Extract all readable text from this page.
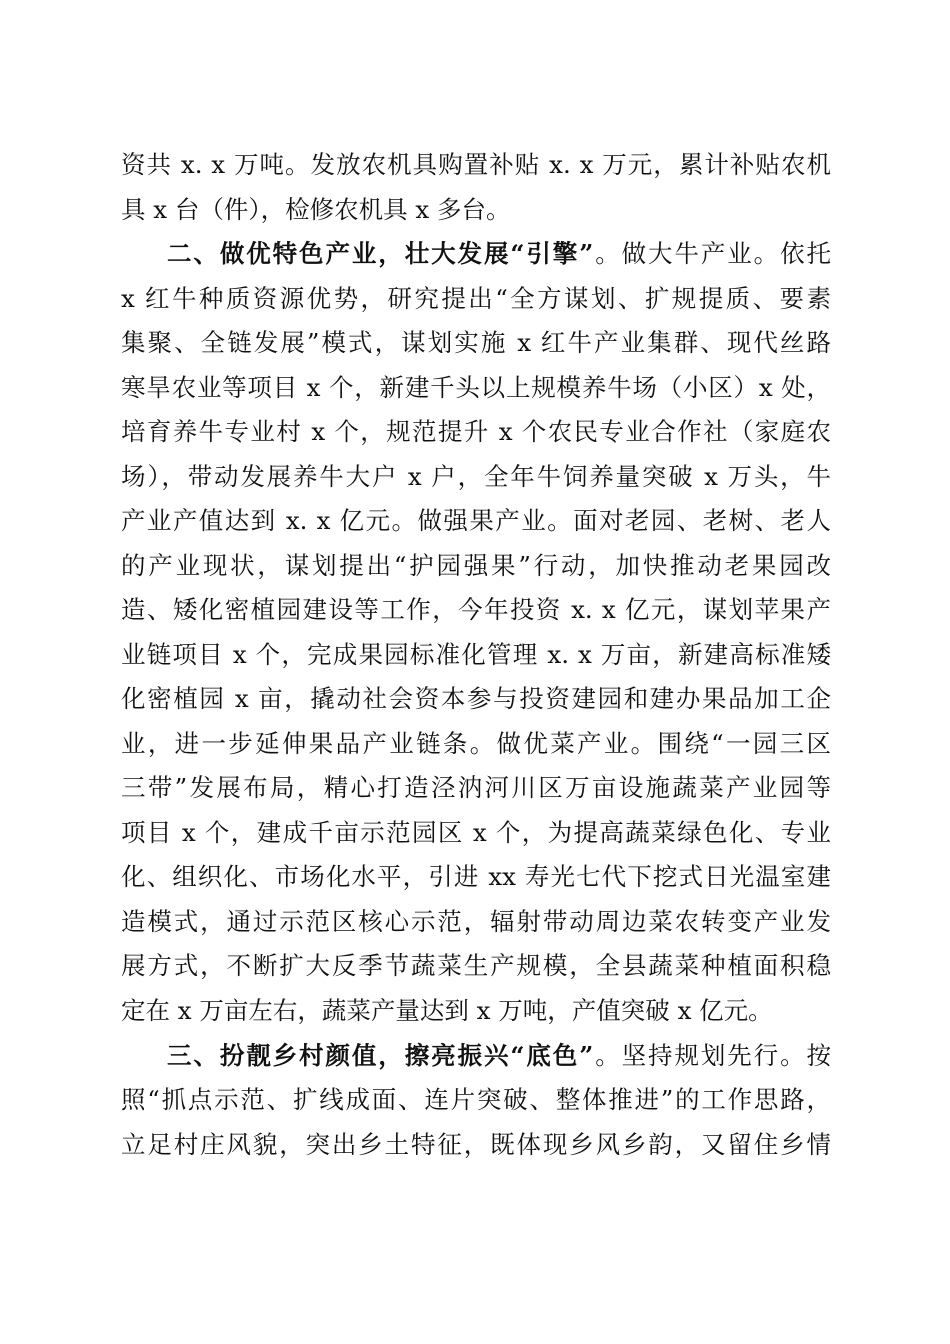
资共 x. x 万吨。发放农机具购置补贴 x. x 万元，累计补贴农机
具 x 台（件），检修农机具 x 多台。
二、做优特色产业，壮大发展“引擎”。做大牛产业。依托
x 红牛种质资源优势，研究提出“全方谋划、扩规提质、要素
集聚、全链发展”模式，谋划实施 x 红牛产业集群、现代丝路
寒旱农业等项目 x 个，新建千头以上规模养牛场（小区）x 处，
培育养牛专业村 x 个，规范提升 x 个农民专业合作社（家庭农
场），带动发展养牛大户 x 户，全年牛饲养量突破 x 万头，牛
产业产值达到 x. x 亿元。做强果产业。面对老园、老树、老人
的产业现状，谋划提出“护园强果”行动，加快推动老果园改
造、矮化密植园建设等工作，今年投资 x. x 亿元，谋划苹果产
业链项目 x 个，完成果园标准化管理 x. x 万亩，新建高标准矮
化密植园 x 亩，撬动社会资本参与投资建园和建办果品加工企
业，进一步延伸果品产业链条。做优菜产业。围绕“一园三区
三带”发展布局，精心打造泾汭河川区万亩设施蔬菜产业园等
项目 x 个，建成千亩示范园区 x 个，为提高蔬菜绿色化、专业
化、组织化、市场化水平，引进 xx 寿光七代下挖式日光温室建
造模式，通过示范区核心示范，辐射带动周边菜农转变产业发
展方式，不断扩大反季节蔬菜生产规模，全县蔬菜种植面积稳
定在 x 万亩左右，蔬菜产量达到 x 万吨，产值突破 x 亿元。
三、扮靓乡村颜值，擦亮振兴“底色”。坚持规划先行。按
照“抓点示范、扩线成面、连片突破、整体推进”的工作思路，
立足村庄风貌，突出乡土特征，既体现乡风乡韵，又留住乡情
